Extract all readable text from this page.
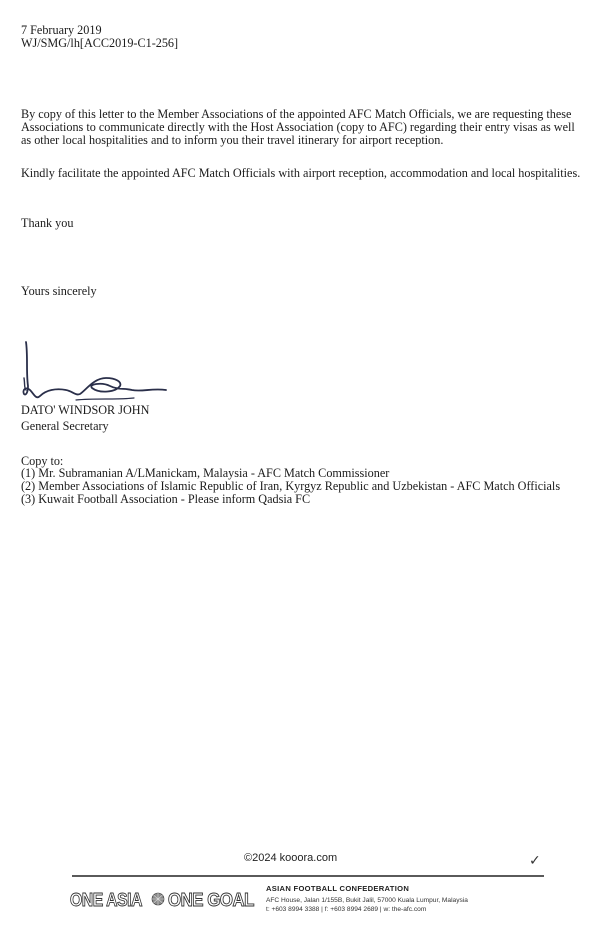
7 February 2019
WJ/SMG/lh[ACC2019-C1-256]
By copy of this letter to the Member Associations of the appointed AFC Match Officials, we are requesting these
Associations to communicate directly with the Host Association (copy to AFC) regarding their entry visas as well
as other local hospitalities and to inform you their travel itinerary for airport reception.
Kindly facilitate the appointed AFC Match Officials with airport reception, accommodation and local hospitalities.
Thank you
Yours sincerely
DATO' WINDSOR JOHN
General Secretary
Copy to:
(1) Mr. Subramanian A/LManickam, Malaysia - AFC Match Commissioner
(2) Member Associations of Islamic Republic of Iran, Kyrgyz Republic and Uzbekistan - AFC Match Officials
(3) Kuwait Football Association - Please inform Qadsia FC
©2024 kooora.com	✓
ONE ASIA ONE GOAL
ASIAN FOOTBALL CONFEDERATION
AFC House, Jalan 1/155B, Bukit Jalil, 57000 Kuala Lumpur, Malaysia
t: +603 8994 3388 | f: +603 8994 2689 | w: the-afc.com
